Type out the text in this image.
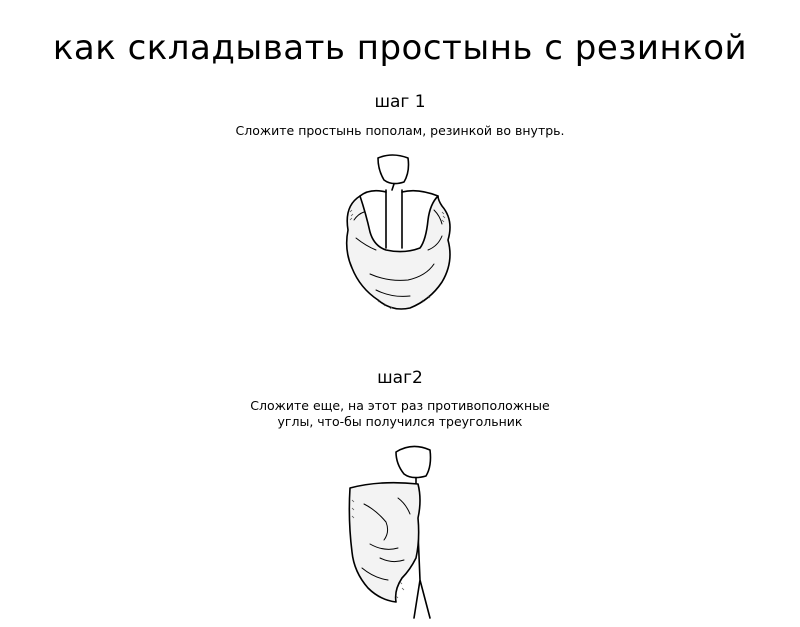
как складывать простынь с резинкой
шаг 1
Сложите простынь пополам, резинкой во внутрь.
шаг2
Сложите еще, на этот раз противоположные
углы, что-бы получился треугольник
